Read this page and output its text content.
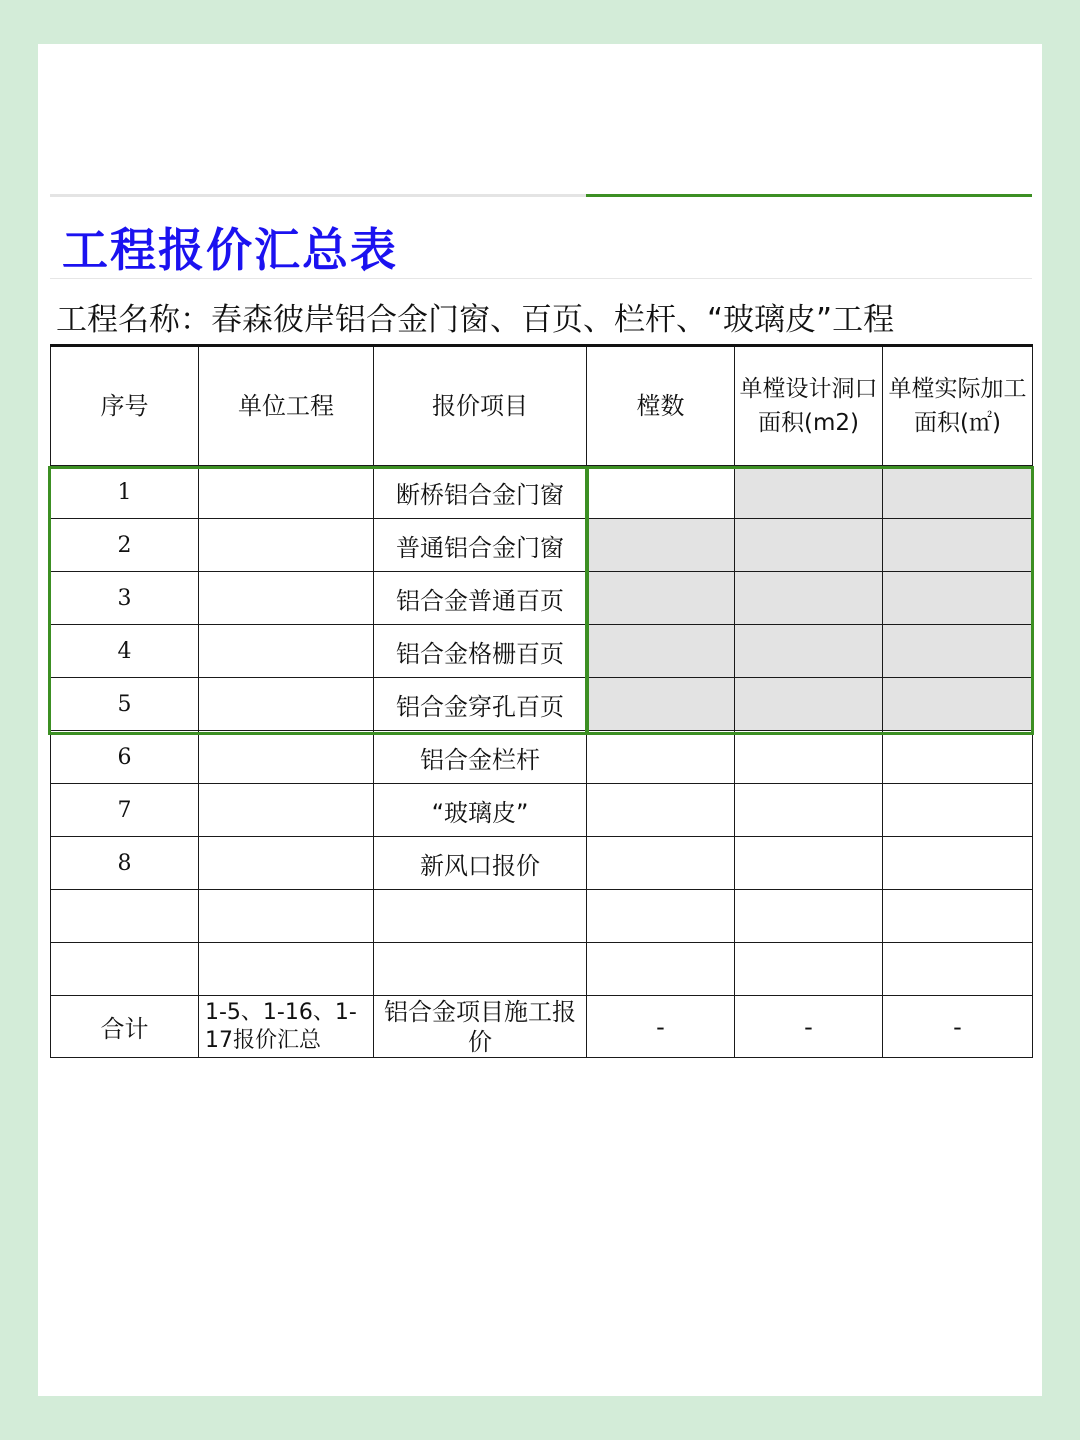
工程报价汇总表
工程名称：春森彼岸铝合金门窗、百页、栏杆、“玻璃皮”工程
序号	单位工程	报价项目	樘数	单樘设计洞口面积(m2)	单樘实际加工面积(㎡)
1		断桥铝合金门窗			
2		普通铝合金门窗			
3		铝合金普通百页			
4		铝合金格栅百页			
5		铝合金穿孔百页			
6		铝合金栏杆			
7		“玻璃皮”			
8		新风口报价			

合计	1-5、1-16、1-17报价汇总	铝合金项目施工报价	-	-	-
